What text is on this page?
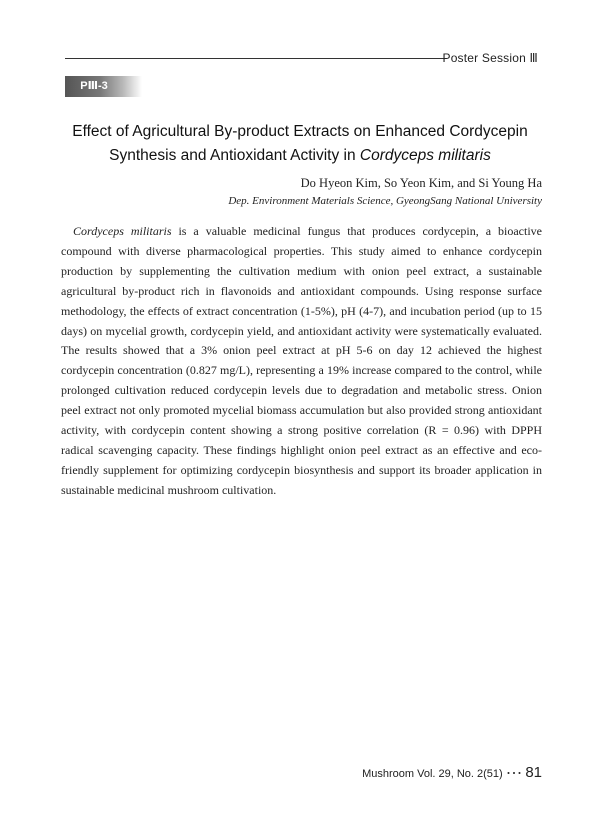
Poster Session Ⅲ
PⅢ-3
Effect of Agricultural By-product Extracts on Enhanced Cordycepin
Synthesis and Antioxidant Activity in Cordyceps militaris
Do Hyeon Kim, So Yeon Kim, and Si Young Ha
Dep. Environment Materials Science, GyeongSang National University

Cordyceps militaris is a valuable medicinal fungus that produces cordycepin, a bioactive compound with diverse pharmacological properties. This study aimed to enhance cordycepin production by supplementing the cultivation medium with onion peel extract, a sustainable agricultural by-product rich in flavonoids and antioxidant compounds. Using response surface methodology, the effects of extract concentration (1-5%), pH (4-7), and incubation period (up to 15 days) on mycelial growth, cordycepin yield, and antioxidant activity were systematically evaluated. The results showed that a 3% onion peel extract at pH 5-6 on day 12 achieved the highest cordycepin concentration (0.827 mg/L), representing a 19% increase compared to the control, while prolonged cultivation reduced cordycepin levels due to degradation and metabolic stress. Onion peel extract not only promoted mycelial biomass accumulation but also provided strong antioxidant activity, with cordycepin content showing a strong positive correlation (R = 0.96) with DPPH radical scavenging capacity. These findings highlight onion peel extract as an effective and eco-friendly supplement for optimizing cordycepin biosynthesis and support its broader application in sustainable medicinal mushroom cultivation.

Mushroom Vol. 29, No. 2(51) ･･･ 81
